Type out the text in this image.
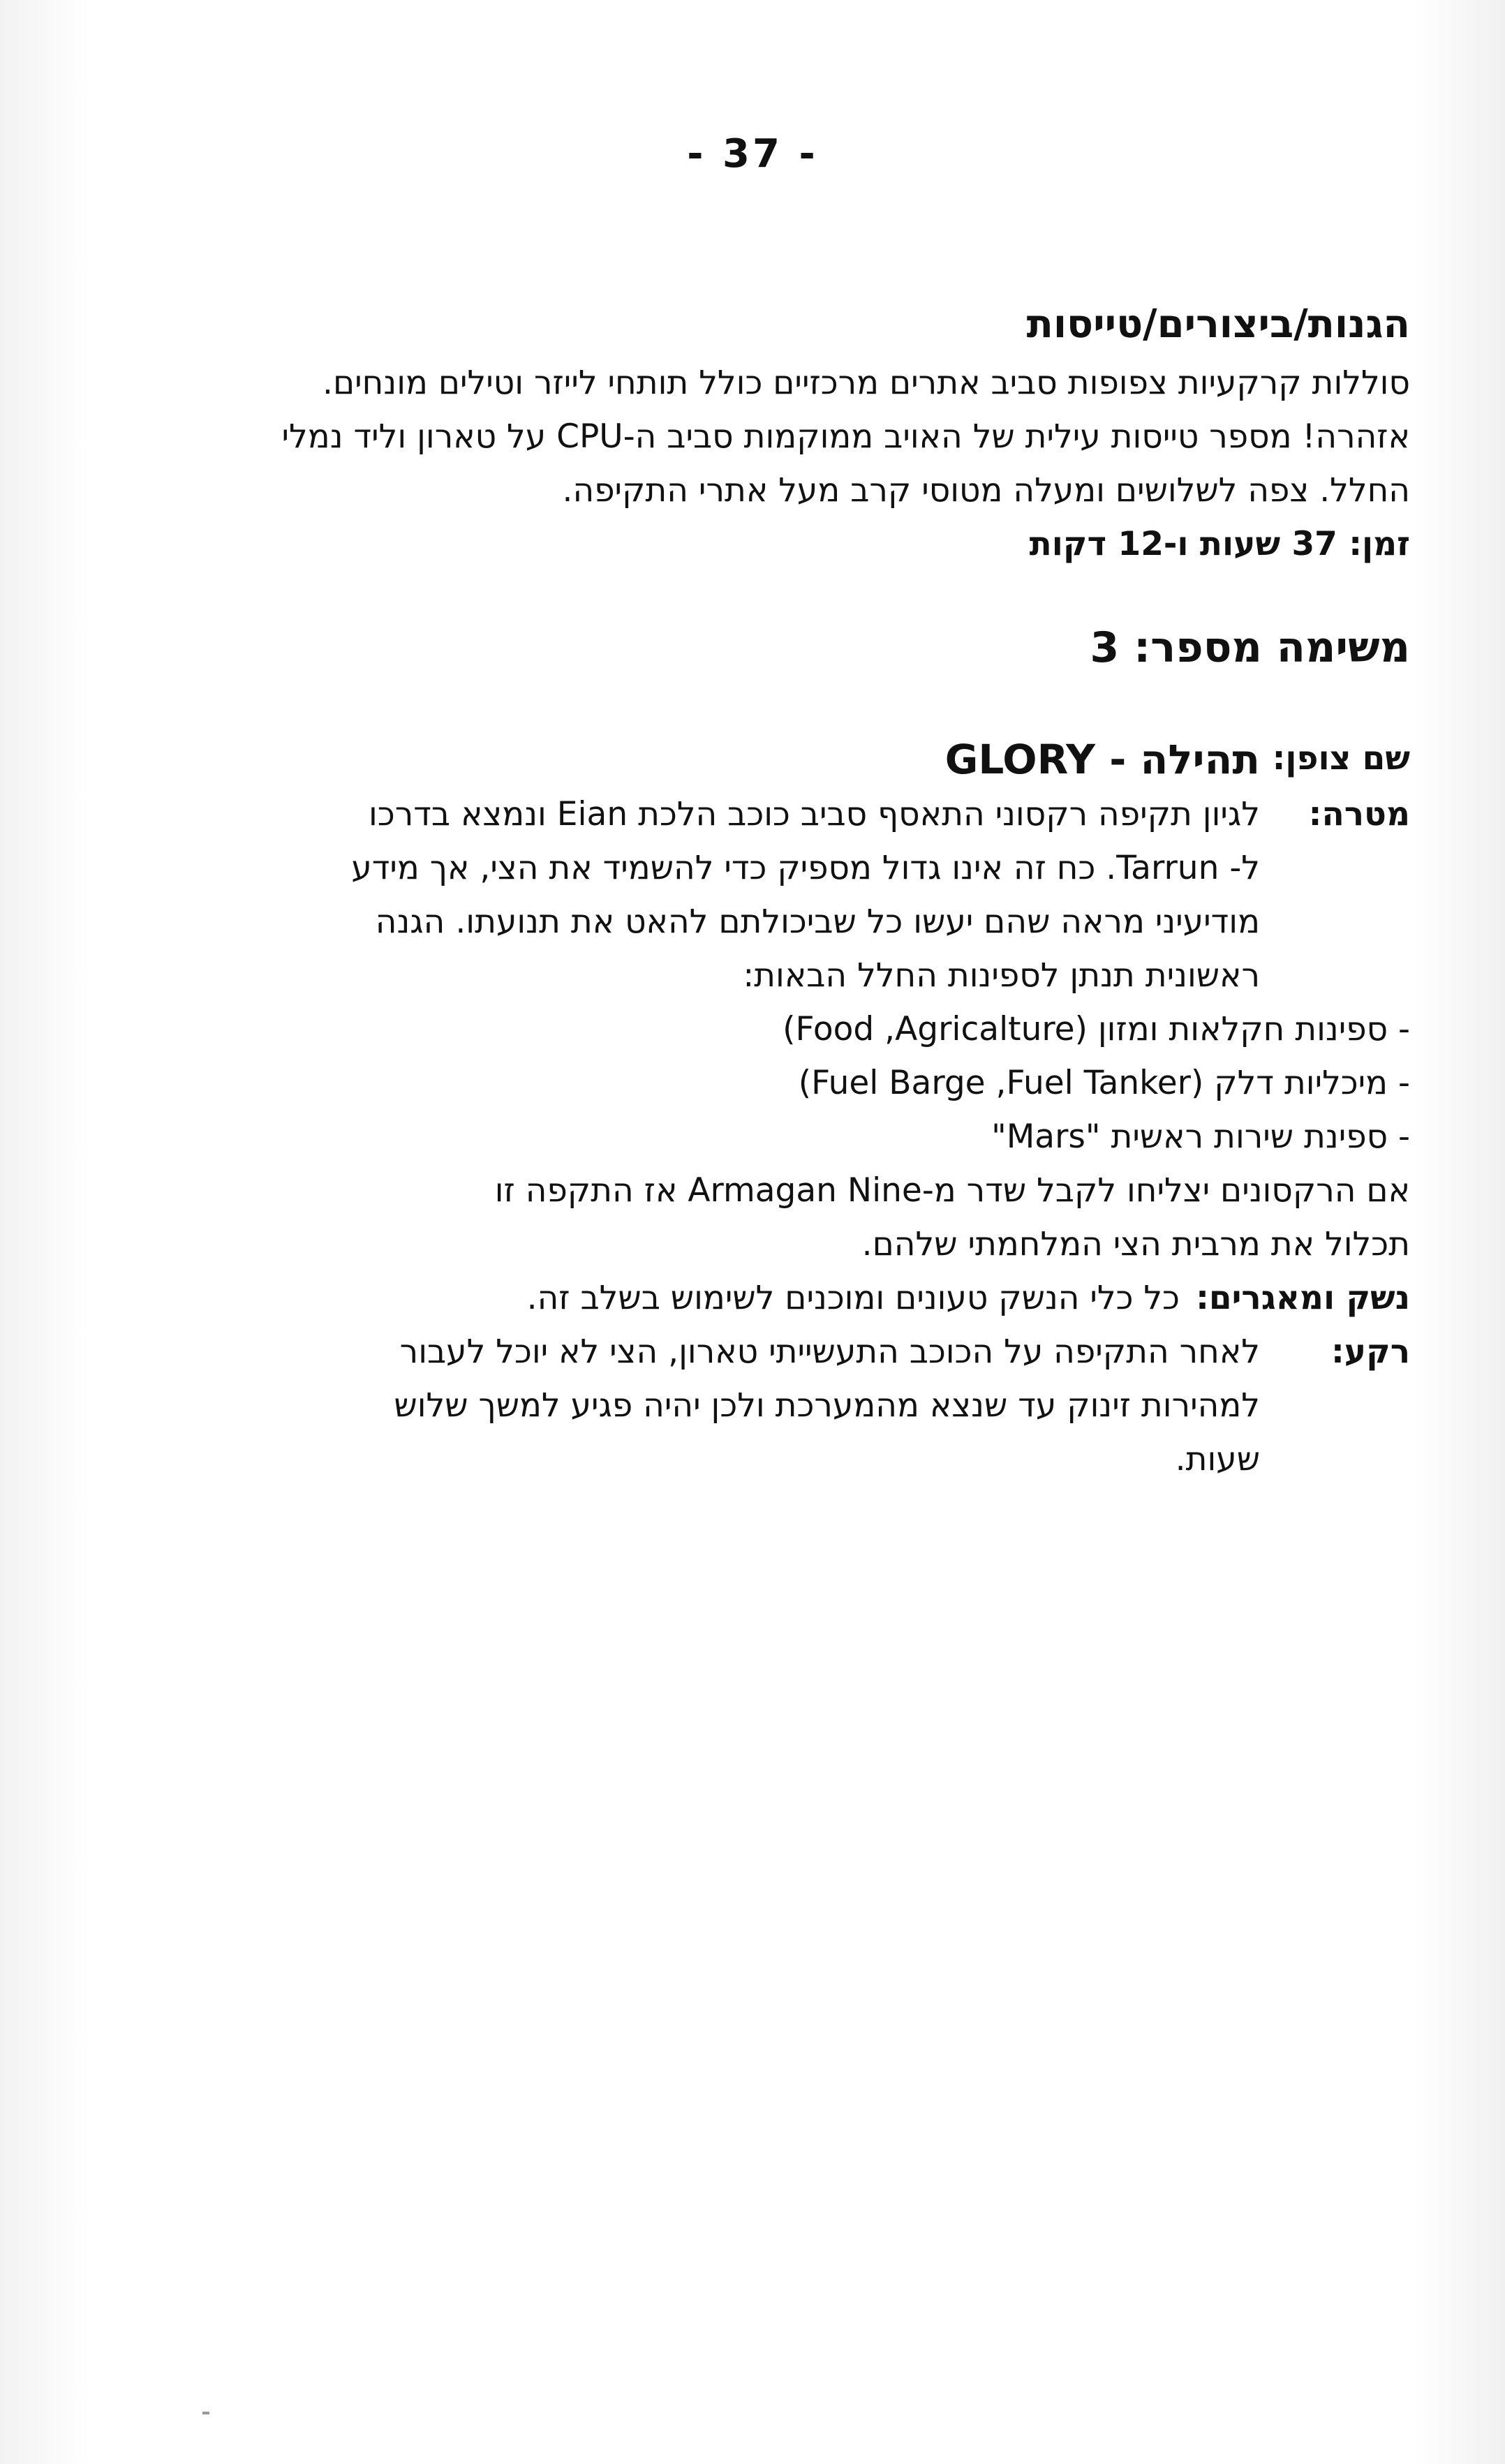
- 37 -
הגנות/ביצורים/טייסות

סוללות קרקעיות צפופות סביב אתרים מרכזיים כולל תותחי לייזר וטילים מונחים.

אזהרה! מספר טייסות עילית של האויב ממוקמות סביב ה-CPU על טארון וליד נמלי

החלל. צפה לשלושים ומעלה מטוסי קרב מעל אתרי התקיפה.

זמן: 37 שעות ו-12 דקות

משימה מספר: 3
שם צופן:
תהילה - GLORY
מטרה:

לגיון תקיפה רקסוני התאסף סביב כוכב הלכת Eian ונמצא בדרכו

ל- Tarrun. כח זה אינו גדול מספיק כדי להשמיד את הצי, אך מידע

מודיעיני מראה שהם יעשו כל שביכולתם להאט את תנועתו. הגנה

ראשונית תנתן לספינות החלל הבאות:

- ספינות חקלאות ומזון (Food ,Agricalture)

- מיכליות דלק (Fuel Barge ,Fuel Tanker)

- ספינת שירות ראשית "Mars"

אם הרקסונים יצליחו לקבל שדר מ-Armagan Nine אז התקפה זו

תכלול את מרבית הצי המלחמתי שלהם.

נשק ומאגרים:
כל כלי הנשק טעונים ומוכנים לשימוש בשלב זה.
רקע:

לאחר התקיפה על הכוכב התעשייתי טארון, הצי לא יוכל לעבור

למהירות זינוק עד שנצא מהמערכת ולכן יהיה פגיע למשך שלוש

שעות.
